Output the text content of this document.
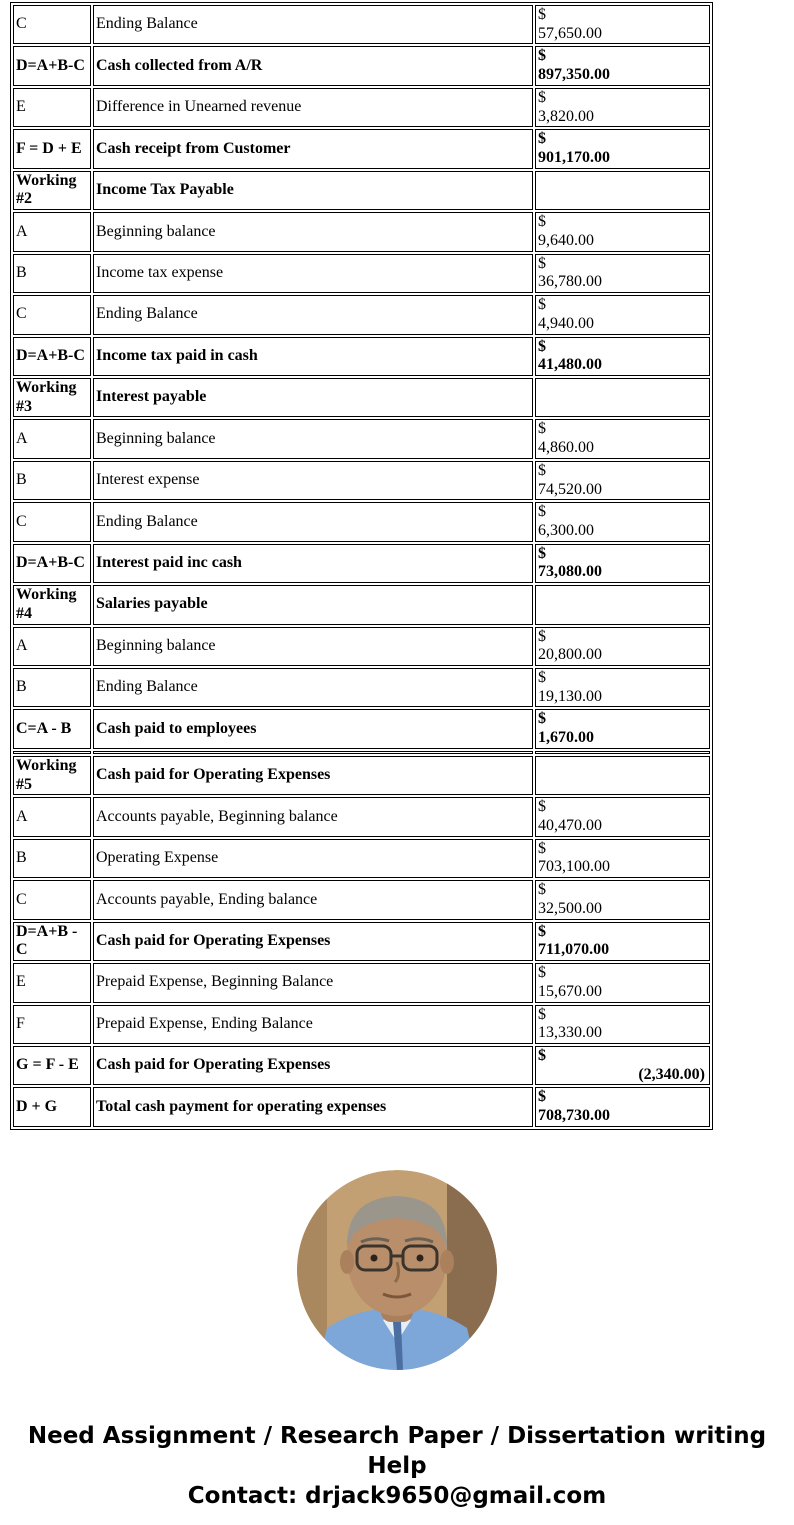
C	Ending Balance	$
57,650.00

D=A+B-C	Cash collected from A/R	$
897,350.00

E	Difference in Unearned revenue	$
3,820.00

F = D + E	Cash receipt from Customer	$
901,170.00

Working #2	Income Tax Payable	
A	Beginning balance	$
9,640.00

B	Income tax expense	$
36,780.00

C	Ending Balance	$
4,940.00

D=A+B-C	Income tax paid in cash	$
41,480.00

Working #3	Interest payable	
A	Beginning balance	$
4,860.00

B	Interest expense	$
74,520.00

C	Ending Balance	$
6,300.00

D=A+B-C	Interest paid inc cash	$
73,080.00

Working #4	Salaries payable	
A	Beginning balance	$
20,800.00

B	Ending Balance	$
19,130.00

C=A - B	Cash paid to employees	$
1,670.00

Working #5	Cash paid for Operating Expenses	
A	Accounts payable, Beginning balance	$
40,470.00

B	Operating Expense	$
703,100.00

C	Accounts payable, Ending balance	$
32,500.00

D=A+B - C	Cash paid for Operating Expenses	$
711,070.00

E	Prepaid Expense, Beginning Balance	$
15,670.00

F	Prepaid Expense, Ending Balance	$
13,330.00

G = F - E	Cash paid for Operating Expenses	$
(2,340.00)

D + G	Total cash payment for operating expenses	$
708,730.00
Need Assignment / Research Paper / Dissertation writing Help
Contact: drjack9650@gmail.com
